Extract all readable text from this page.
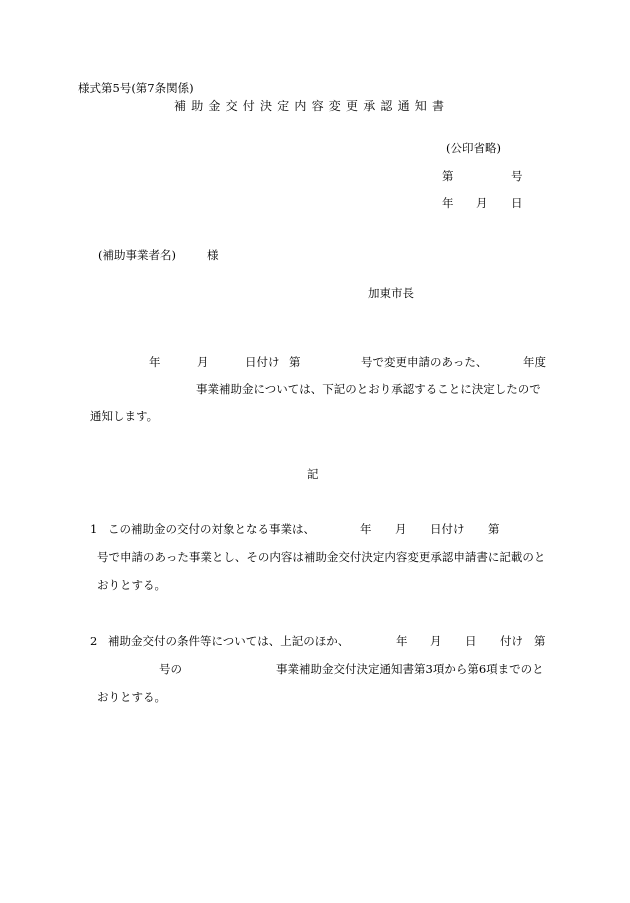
様式第5号(第7条関係)
補助金交付決定内容変更承認通知書
(公印省略)
第	号
年 月 日
(補助事業者名)	様
加東市長
年	月	日付け 第	号で変更申請のあった、	年度
事業補助金については、下記のとおり承認することに決定したので
通知します。
記
1 この補助金の交付の対象となる事業は、	年 月 日付け 第
号で申請のあった事業とし、その内容は補助金交付決定内容変更承認申請書に記載のと
おりとする。
2 補助金交付の条件等については、上記のほか、	年 月 日 付け 第
号の	事業補助金交付決定通知書第3項から第6項までのと
おりとする。
